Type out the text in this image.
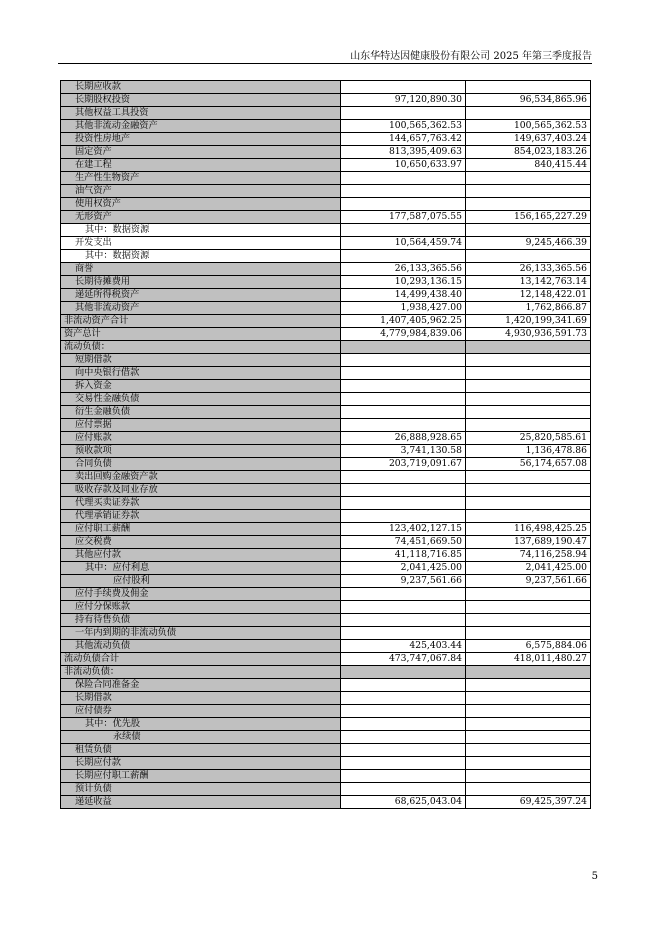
山东华特达因健康股份有限公司 2025 年第三季度报告
长期应收款		
长期股权投资	97,120,890.30	96,534,865.96
其他权益工具投资		
其他非流动金融资产	100,565,362.53	100,565,362.53
投资性房地产	144,657,763.42	149,637,403.24
固定资产	813,395,409.63	854,023,183.26
在建工程	10,650,633.97	840,415.44
生产性生物资产		
油气资产		
使用权资产		
无形资产	177,587,075.55	156,165,227.29
其中：数据资源		
开发支出	10,564,459.74	9,245,466.39
其中：数据资源		
商誉	26,133,365.56	26,133,365.56
长期待摊费用	10,293,136.15	13,142,763.14
递延所得税资产	14,499,438.40	12,148,422.01
其他非流动资产	1,938,427.00	1,762,866.87
非流动资产合计	1,407,405,962.25	1,420,199,341.69
资产总计	4,779,984,839.06	4,930,936,591.73
流动负债：		
短期借款		
向中央银行借款		
拆入资金		
交易性金融负债		
衍生金融负债		
应付票据		
应付账款	26,888,928.65	25,820,585.61
预收款项	3,741,130.58	1,136,478.86
合同负债	203,719,091.67	56,174,657.08
卖出回购金融资产款		
吸收存款及同业存放		
代理买卖证券款		
代理承销证券款		
应付职工薪酬	123,402,127.15	116,498,425.25
应交税费	74,451,669.50	137,689,190.47
其他应付款	41,118,716.85	74,116,258.94
其中：应付利息	2,041,425.00	2,041,425.00
应付股利	9,237,561.66	9,237,561.66
应付手续费及佣金		
应付分保账款		
持有待售负债		
一年内到期的非流动负债		
其他流动负债	425,403.44	6,575,884.06
流动负债合计	473,747,067.84	418,011,480.27
非流动负债：		
保险合同准备金		
长期借款		
应付债券		
其中：优先股		
永续债		
租赁负债		
长期应付款		
长期应付职工薪酬		
预计负债		
递延收益	68,625,043.04	69,425,397.24
5
